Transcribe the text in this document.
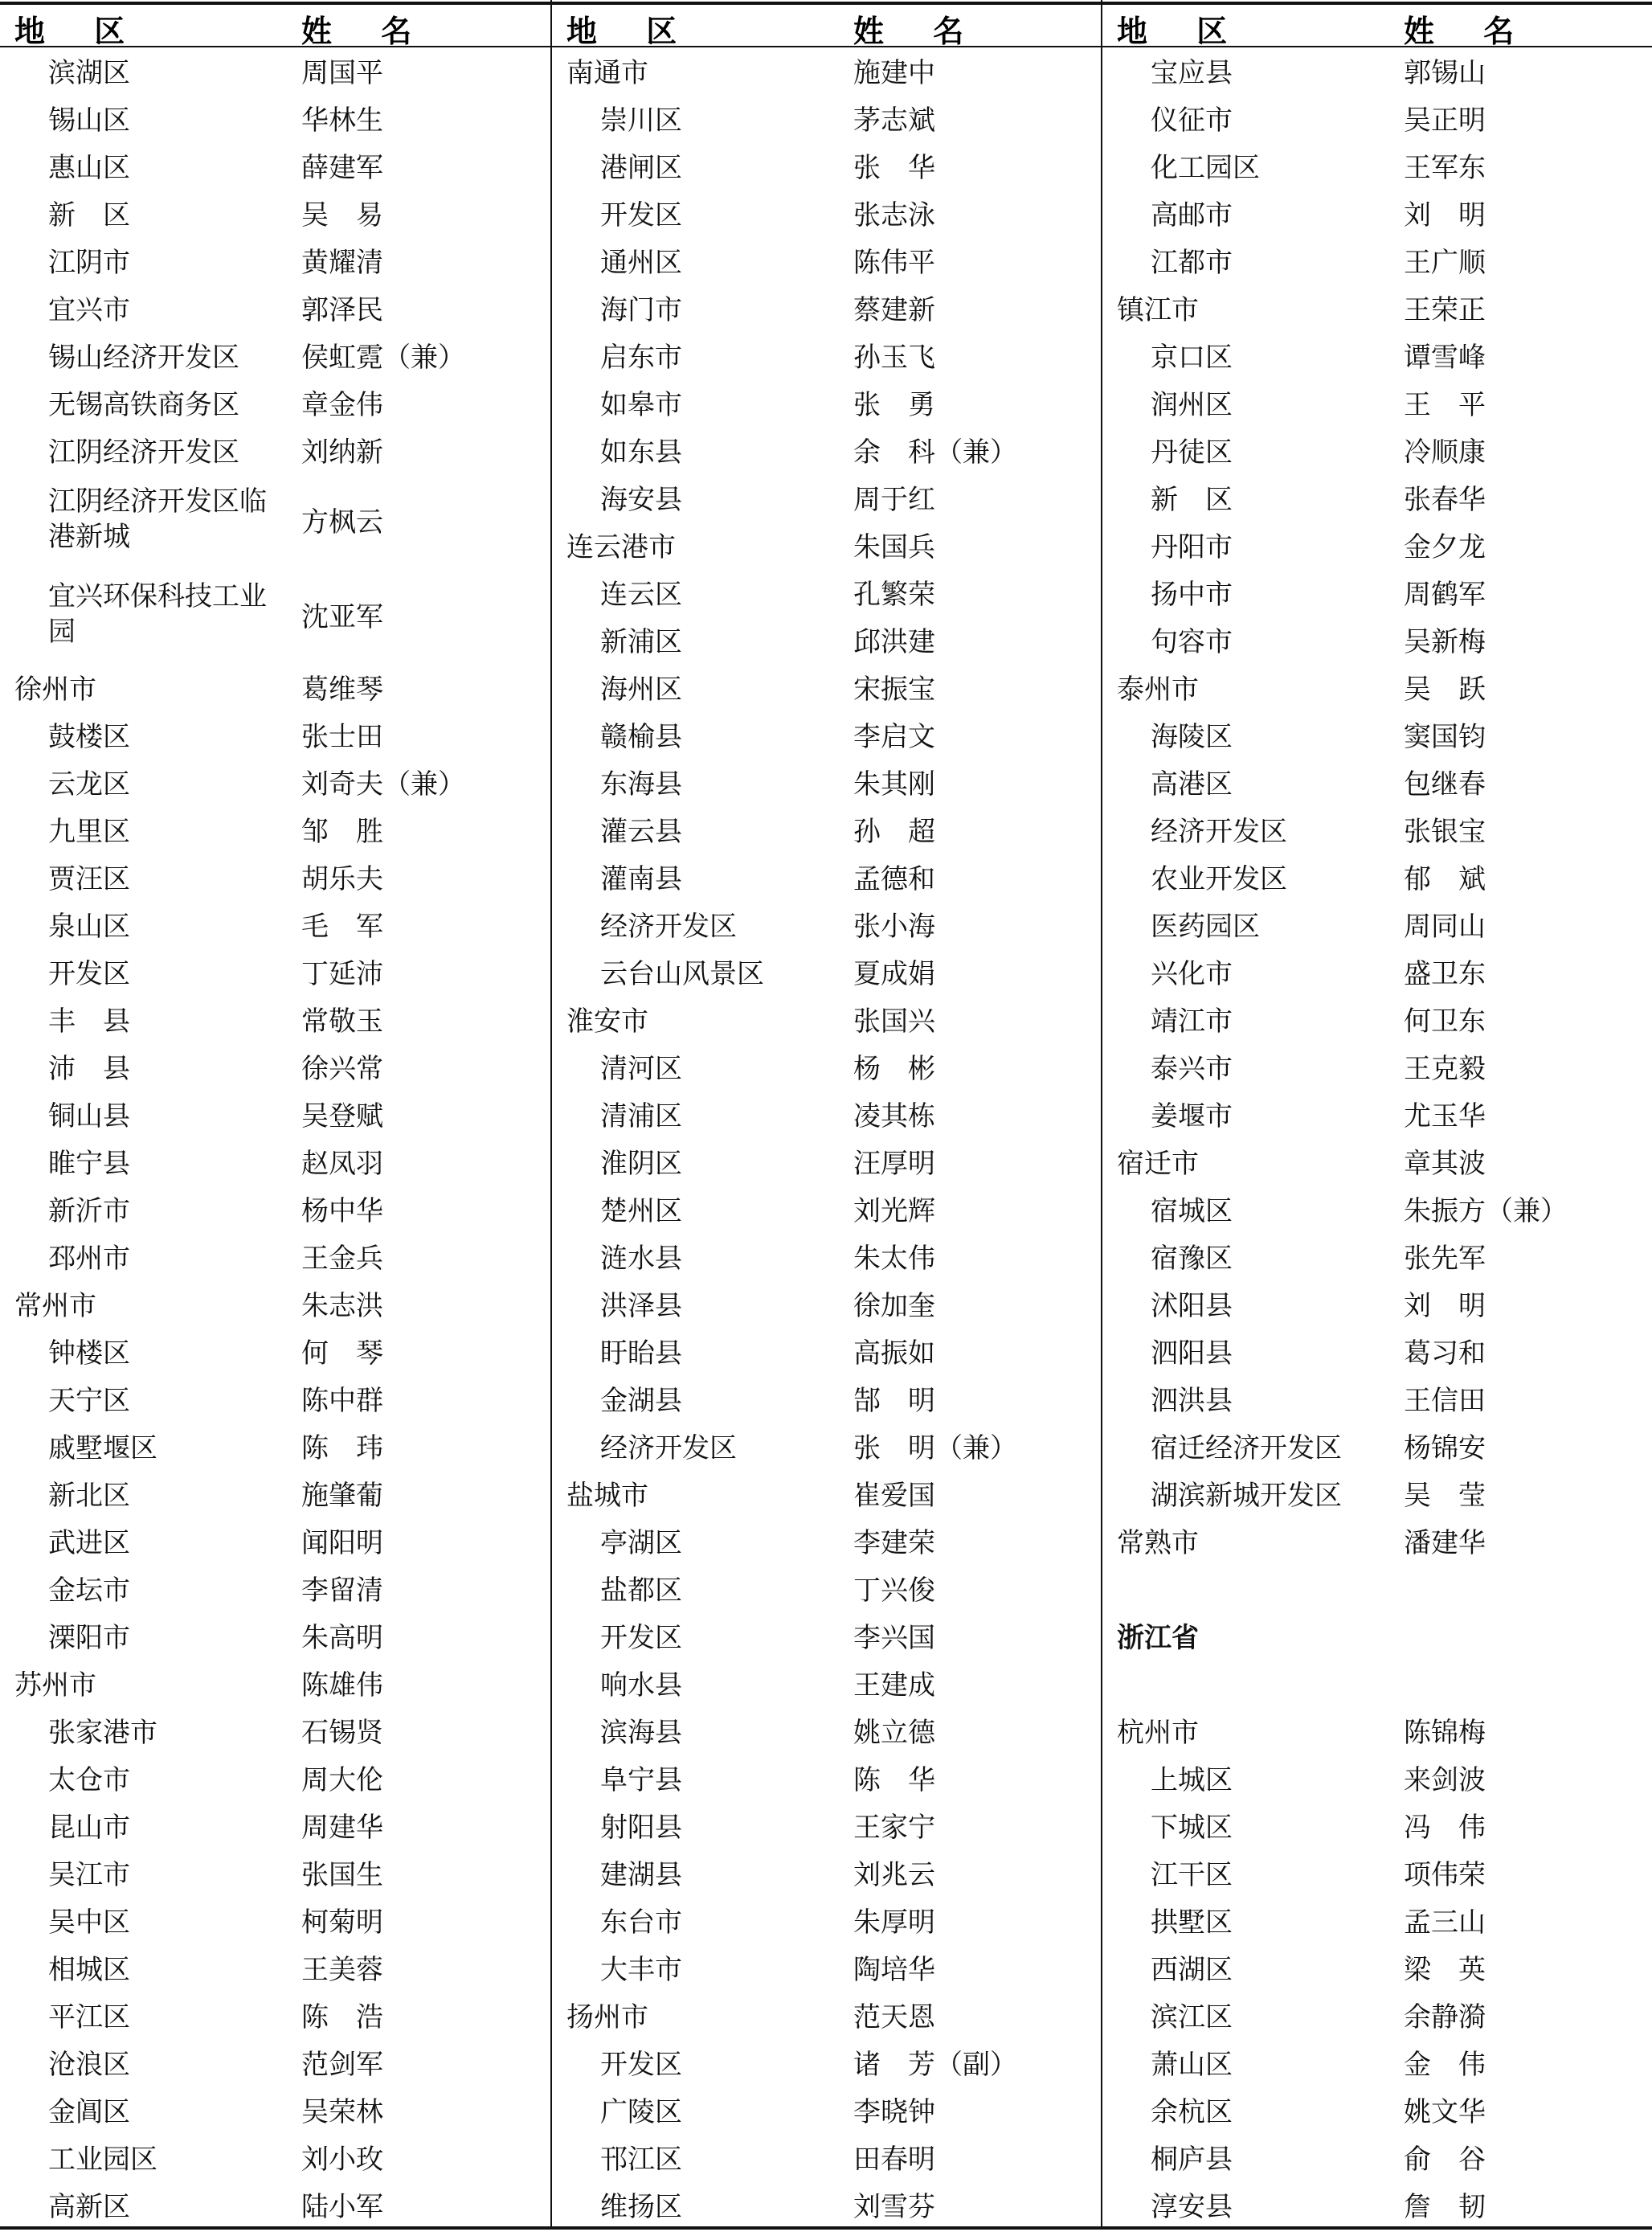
地 区	姓 名
滨湖区	周国平
锡山区	华林生
惠山区	薛建军
新　区	吴　易
江阴市	黄耀清
宜兴市	郭泽民
锡山经济开发区 侯虹霓（兼）
无锡高铁商务区 章金伟
江阴经济开发区 刘纳新
江阴经济开发区临港新城	方枫云
宜兴环保科技工业园	沈亚军
徐州市	葛维琴
鼓楼区	张士田
云龙区	刘奇夫（兼）
九里区	邹　胜
贾汪区	胡乐夫
泉山区	毛　军
开发区	丁延沛
丰　县	常敬玉
沛　县	徐兴常
铜山县	吴登赋
睢宁县	赵凤羽
新沂市	杨中华
邳州市	王金兵
常州市	朱志洪
钟楼区	何　琴
天宁区	陈中群
戚墅堰区	陈　玮
新北区	施肇葡
武进区	闻阳明
金坛市	李留清
溧阳市	朱高明
苏州市	陈雄伟
张家港市	石锡贤
太仓市	周大伦
昆山市	周建华
吴江市	张国生
吴中区	柯菊明
相城区	王美蓉
平江区	陈　浩
沧浪区	范剑军
金阊区	吴荣林
工业园区	刘小玫
高新区	陆小军
地 区	姓 名
南通市	施建中
崇川区	茅志斌
港闸区	张　华
开发区	张志泳
通州区	陈伟平
海门市	蔡建新
启东市	孙玉飞
如皋市	张　勇
如东县	余　科（兼）
海安县	周于红
连云港市	朱国兵
连云区	孔繁荣
新浦区	邱洪建
海州区	宋振宝
赣榆县	李启文
东海县	朱其刚
灌云县	孙　超
灌南县	孟德和
经济开发区	张小海
云台山风景区	夏成娟
淮安市	张国兴
清河区	杨　彬
清浦区	凌其栋
淮阴区	汪厚明
楚州区	刘光辉
涟水县	朱太伟
洪泽县	徐加奎
盱眙县	高振如
金湖县	郜　明
经济开发区	张　明（兼）
盐城市	崔爱国
亭湖区	李建荣
盐都区	丁兴俊
开发区	李兴国
响水县	王建成
滨海县	姚立德
阜宁县	陈　华
射阳县	王家宁
建湖县	刘兆云
东台市	朱厚明
大丰市	陶培华
扬州市	范天恩
开发区	诸　芳（副）
广陵区	李晓钟
邗江区	田春明
维扬区	刘雪芬
地 区	姓 名
宝应县	郭锡山
仪征市	吴正明
化工园区	王军东
高邮市	刘　明
江都市	王广顺
镇江市	王荣正
京口区	谭雪峰
润州区	王　平
丹徒区	冷顺康
新　区	张春华
丹阳市	金夕龙
扬中市	周鹤军
句容市	吴新梅
泰州市	吴　跃
海陵区	窦国钧
高港区	包继春
经济开发区	张银宝
农业开发区	郁　斌
医药园区	周同山
兴化市	盛卫东
靖江市	何卫东
泰兴市	王克毅
姜堰市	尤玉华
宿迁市	章其波
宿城区	朱振方（兼）
宿豫区	张先军
沭阳县	刘　明
泗阳县	葛习和
泗洪县	王信田
宿迁经济开发区 杨锦安
湖滨新城开发区 吴　莹
常熟市	潘建华
浙江省
杭州市	陈锦梅
上城区	来剑波
下城区	冯　伟
江干区	项伟荣
拱墅区	孟三山
西湖区	梁　英
滨江区	余静漪
萧山区	金　伟
余杭区	姚文华
桐庐县	俞　谷
淳安县	詹　韧
